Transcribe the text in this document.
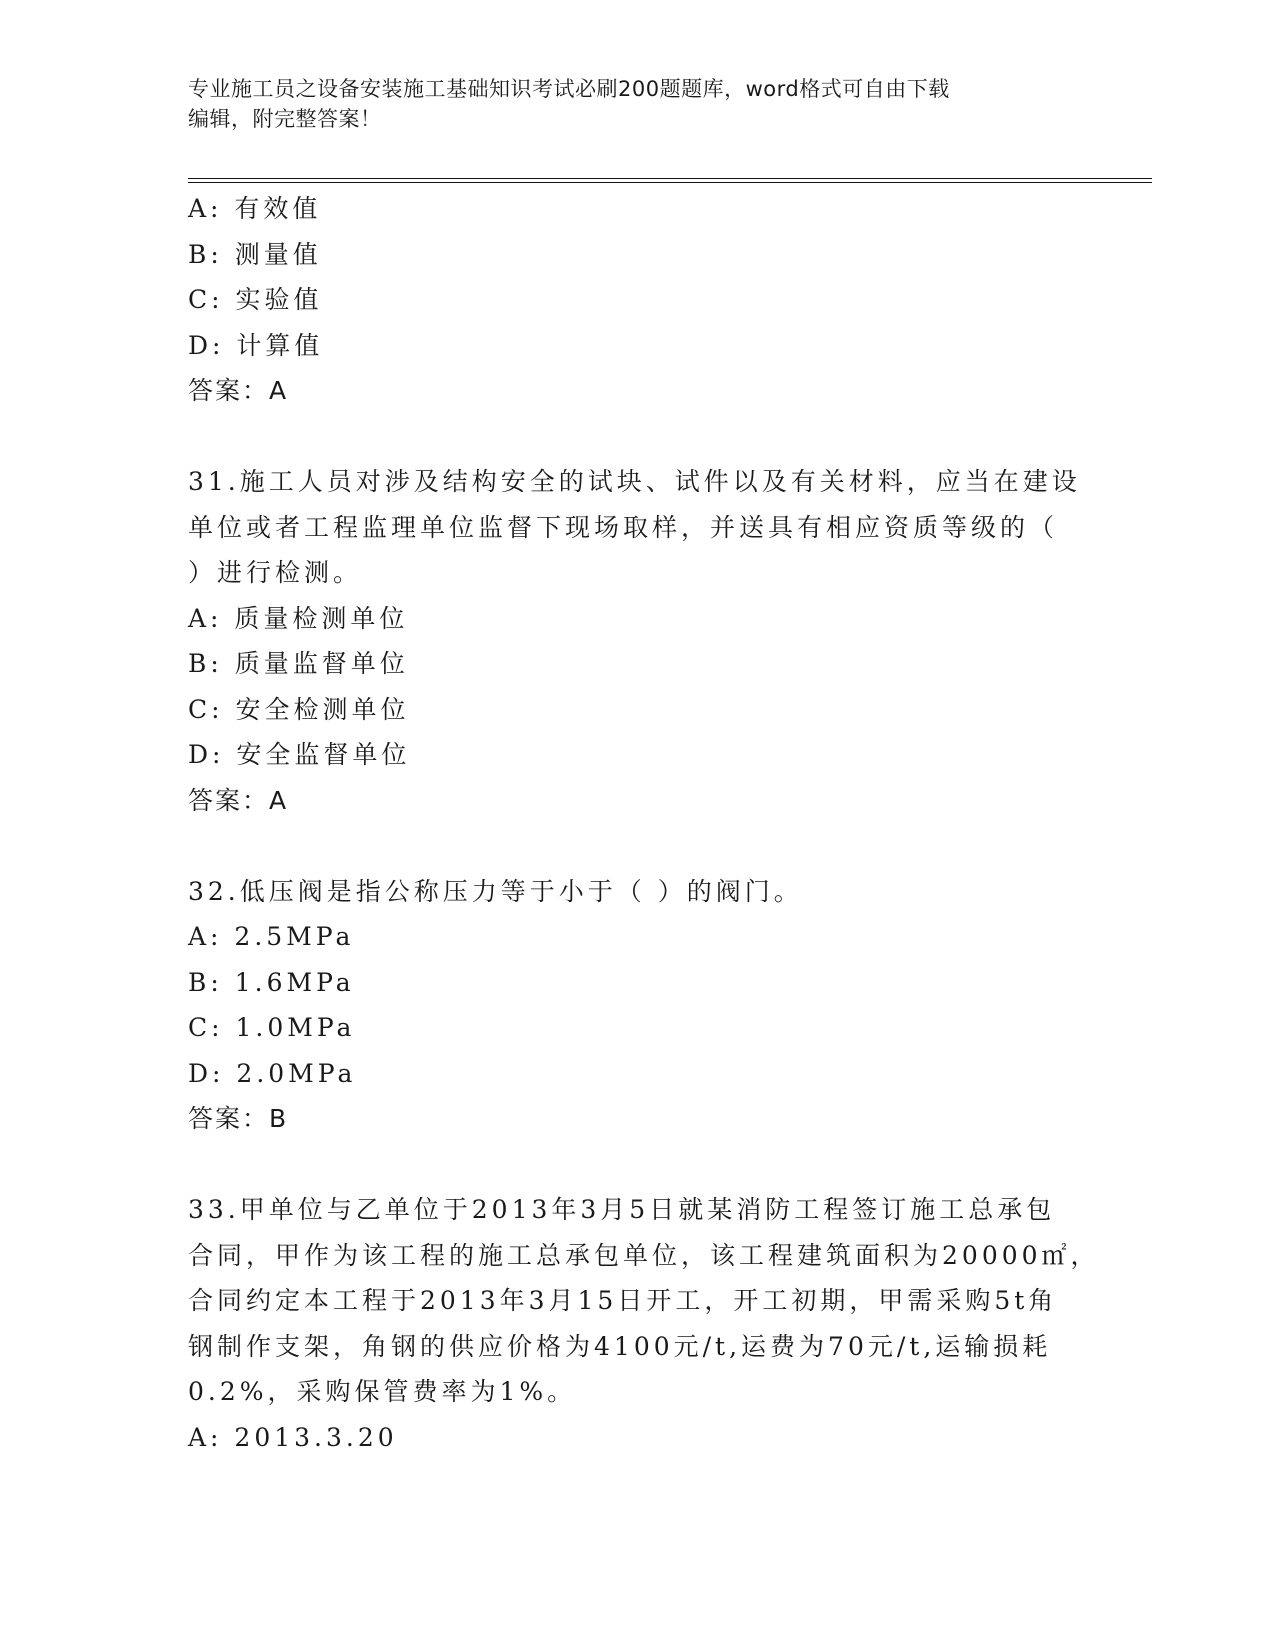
专业施工员之设备安装施工基础知识考试必刷200题题库，word格式可自由下载
编辑，附完整答案！
A: 有效值
B: 测量值
C: 实验值
D: 计算值
答案：A
31.施工人员对涉及结构安全的试块、试件以及有关材料，应当在建设
单位或者工程监理单位监督下现场取样，并送具有相应资质等级的（
）进行检测。
A: 质量检测单位
B: 质量监督单位
C: 安全检测单位
D: 安全监督单位
答案：A
32.低压阀是指公称压力等于小于（ ）的阀门。
A: 2.5MPa
B: 1.6MPa
C: 1.0MPa
D: 2.0MPa
答案：B
33.甲单位与乙单位于2013年3月5日就某消防工程签订施工总承包
合同，甲作为该工程的施工总承包单位，该工程建筑面积为20000㎡，
合同约定本工程于2013年3月15日开工，开工初期，甲需采购5t角
钢制作支架，角钢的供应价格为4100元/t,运费为70元/t,运输损耗
0.2%，采购保管费率为1%。
A: 2013.3.20
